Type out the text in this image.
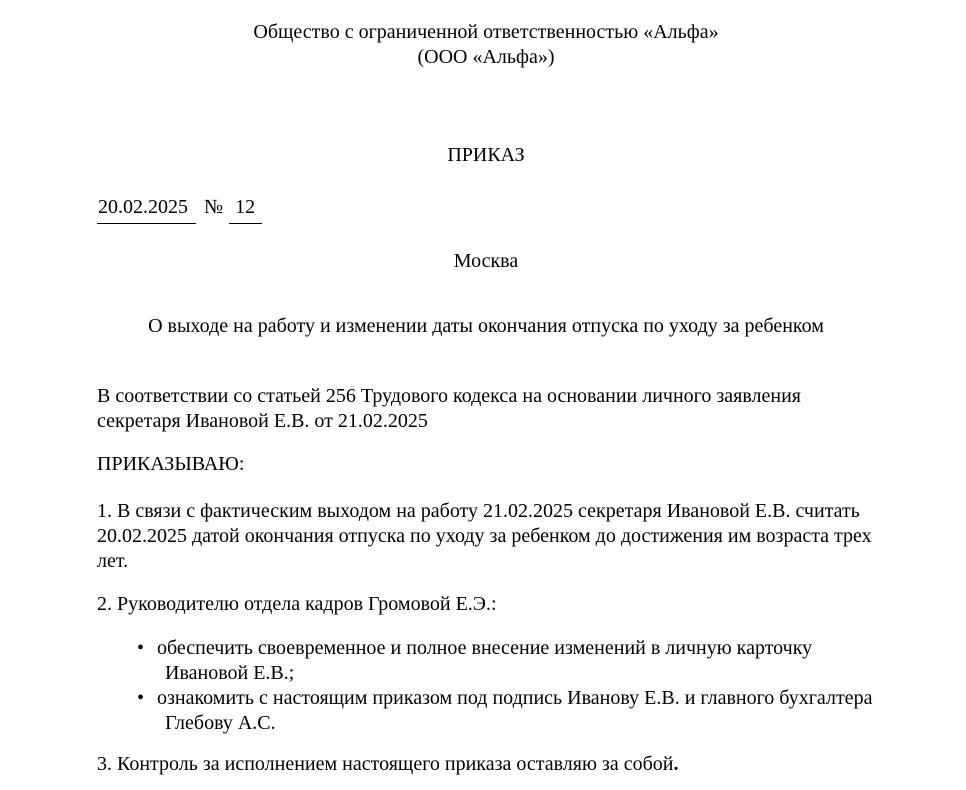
Общество с ограниченной ответственностью «Альфа»
(ООО «Альфа»)
ПРИКАЗ
20.02.2025 № 12
Москва
О выходе на работу и изменении даты окончания отпуска по уходу за ребенком
В соответствии со статьей 256 Трудового кодекса на основании личного заявления секретаря Ивановой Е.В. от 21.02.2025
ПРИКАЗЫВАЮ:
1. В связи с фактическим выходом на работу 21.02.2025 секретаря Ивановой Е.В. считать 20.02.2025 датой окончания отпуска по уходу за ребенком до достижения им возраста трех лет.
2. Руководителю отдела кадров Громовой Е.Э.:
• обеспечить своевременное и полное внесение изменений в личную карточку Ивановой Е.В.;
• ознакомить с настоящим приказом под подпись Иванову Е.В. и главного бухгалтера Глебову А.С.
3. Контроль за исполнением настоящего приказа оставляю за собой.
